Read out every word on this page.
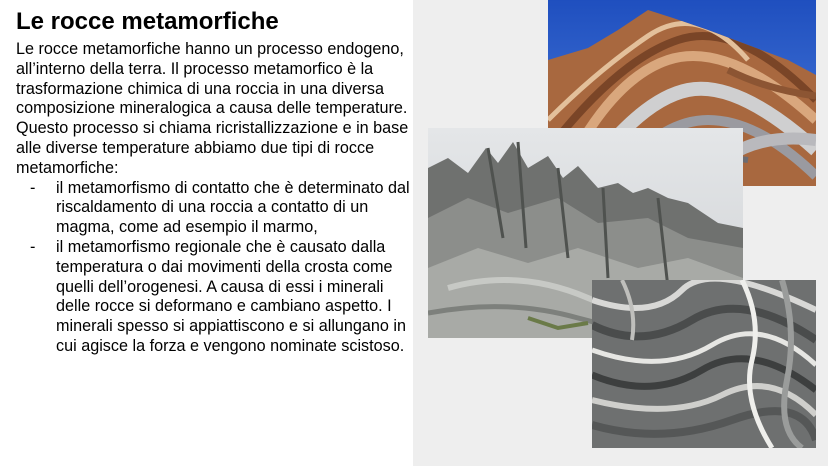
Le rocce metamorfiche

Le rocce metamorfiche hanno un processo endogeno, all’interno della terra. Il processo metamorfico è la trasformazione chimica di una roccia in una diversa composizione mineralogica a causa delle temperature. Questo processo si chiama ricristallizzazione e in base alle diverse temperature abbiamo due tipi di rocce metamorfiche:

- il metamorfismo di contatto che è determinato dal riscaldamento di una roccia a contatto di un magma, come ad esempio il marmo,
- il metamorfismo regionale che è causato dalla temperatura o dai movimenti della crosta come quelli dell’orogenesi. A causa di essi i minerali delle rocce si deformano e cambiano aspetto. I minerali spesso si appiattiscono e si allungano in cui agisce la forza e vengono nominate scistoso.
